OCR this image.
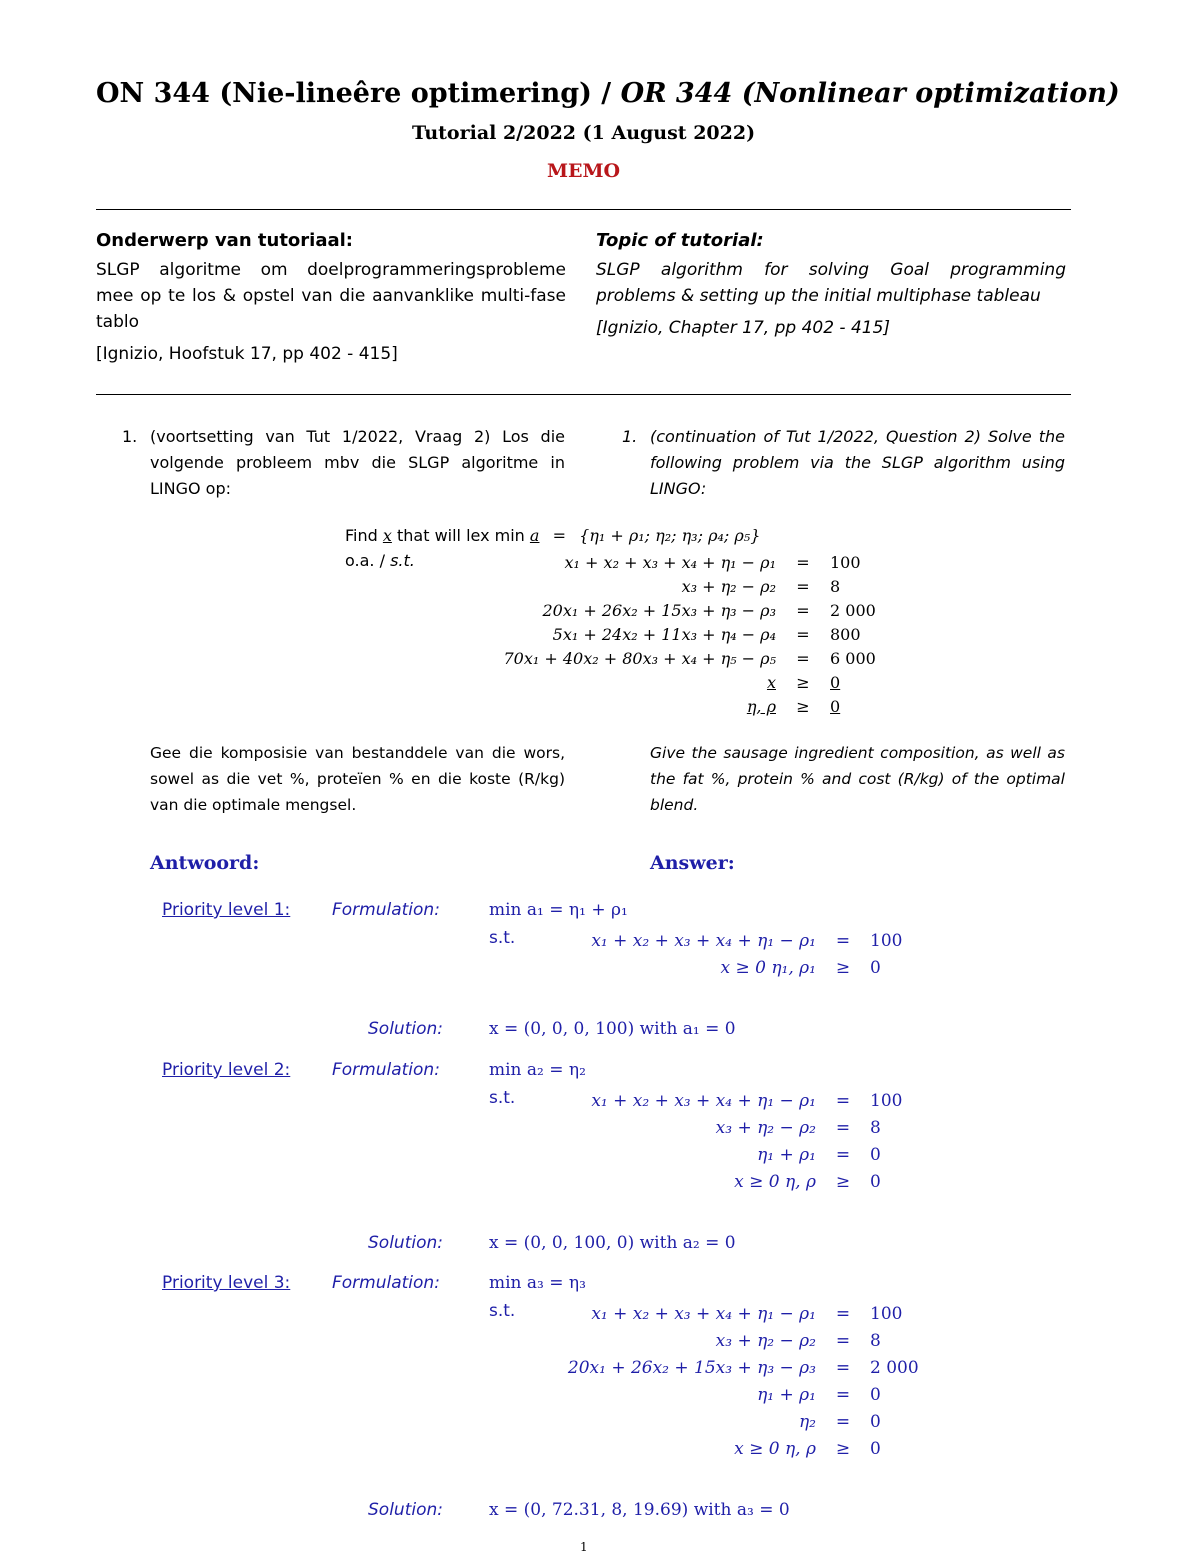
ON 344 (Nie-lineêre optimering) / OR 344 (Nonlinear optimization)
Tutorial 2/2022 (1 August 2022)
MEMO
Onderwerp van tutoriaal:
SLGP algoritme om doelprogrammeringsprobleme mee op te los & opstel van die aanvanklike multi-fase tablo
[Ignizio, Hoofstuk 17, pp 402 - 415]
Topic of tutorial:
SLGP algorithm for solving Goal programming problems & setting up the initial multiphase tableau
[Ignizio, Chapter 17, pp 402 - 415]
1. (voortsetting van Tut 1/2022, Vraag 2) Los die volgende probleem mbv die SLGP algoritme in LINGO op:
1. (continuation of Tut 1/2022, Question 2) Solve the following problem via the SLGP algorithm using LINGO:
Find x that will lex min a = {η₁ + ρ₁; η₂; η₃; ρ₄; ρ₅}
o.a. / s.t.	x₁ + x₂ + x₃ + x₄ + η₁ − ρ₁	=	100
x₃ + η₂ − ρ₂	=	8
20x₁ + 26x₂ + 15x₃ + η₃ − ρ₃	=	2 000
5x₁ + 24x₂ + 11x₃ + η₄ − ρ₄	=	800
70x₁ + 40x₂ + 80x₃ + x₄ + η₅ − ρ₅	=	6 000
x	≥	0
η, ρ	≥	0
Gee die komposisie van bestanddele van die wors, sowel as die vet %, proteïen % en die koste (R/kg) van die optimale mengsel.
Give the sausage ingredient composition, as well as the fat %, protein % and cost (R/kg) of the optimal blend.
Antwoord:	Answer:
Priority level 1: Formulation:	min a₁ = η₁ + ρ₁
s.t.	x₁ + x₂ + x₃ + x₄ + η₁ − ρ₁	=	100
x ≥ 0 η₁, ρ₁	≥	0
Solution:	x = (0, 0, 0, 100) with a₁ = 0
Priority level 2: Formulation:	min a₂ = η₂
s.t.	x₁ + x₂ + x₃ + x₄ + η₁ − ρ₁	=	100
x₃ + η₂ − ρ₂	=	8
η₁ + ρ₁	=	0
x ≥ 0 η, ρ	≥	0
Solution:	x = (0, 0, 100, 0) with a₂ = 0
Priority level 3: Formulation:	min a₃ = η₃
s.t.	x₁ + x₂ + x₃ + x₄ + η₁ − ρ₁	=	100
x₃ + η₂ − ρ₂	=	8
20x₁ + 26x₂ + 15x₃ + η₃ − ρ₃	=	2 000
η₁ + ρ₁	=	0
η₂	=	0
x ≥ 0 η, ρ	≥	0
Solution:	x = (0, 72.31, 8, 19.69) with a₃ = 0
1
